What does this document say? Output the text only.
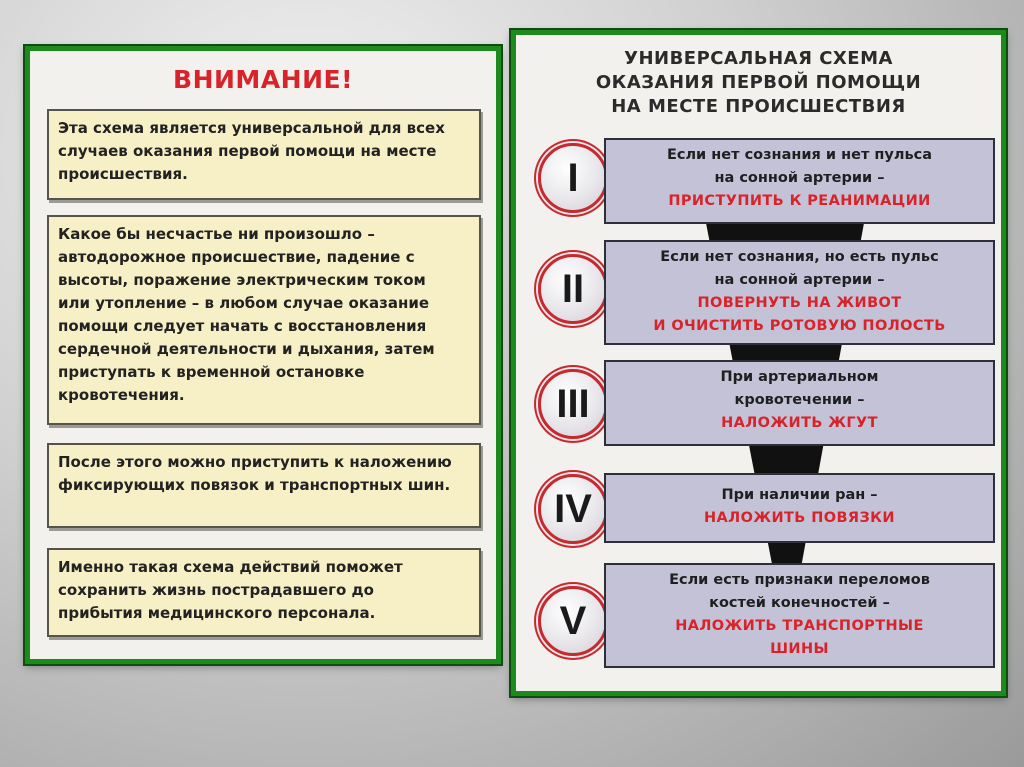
ВНИМАНИЕ!
Эта схема является универсальной для всех
случаев оказания первой помощи на месте
происшествия.
Какое бы несчастье ни произошло –
автодорожное происшествие, падение с
высоты, поражение электрическим током
или утопление – в любом случае оказание
помощи следует начать с восстановления
сердечной деятельности и дыхания, затем
приступать к временной остановке
кровотечения.
После этого можно приступить к наложению
фиксирующих повязок и транспортных шин.
Именно такая схема действий поможет
сохранить жизнь пострадавшего до
прибытия медицинского персонала.
УНИВЕРСАЛЬНАЯ СХЕМА
ОКАЗАНИЯ ПЕРВОЙ ПОМОЩИ
НА МЕСТЕ ПРОИСШЕСТВИЯ
I
Если нет сознания и нет пульса
на сонной артерии –
ПРИСТУПИТЬ К РЕАНИМАЦИИ
II
Если нет сознания, но есть пульс
на сонной артерии –
ПОВЕРНУТЬ НА ЖИВОТ
И ОЧИСТИТЬ РОТОВУЮ ПОЛОСТЬ
III
При артериальном
кровотечении –
НАЛОЖИТЬ ЖГУТ
IV	При наличии ран –
НАЛОЖИТЬ ПОВЯЗКИ
V
Если есть признаки переломов
костей конечностей –
НАЛОЖИТЬ ТРАНСПОРТНЫЕ
ШИНЫ
